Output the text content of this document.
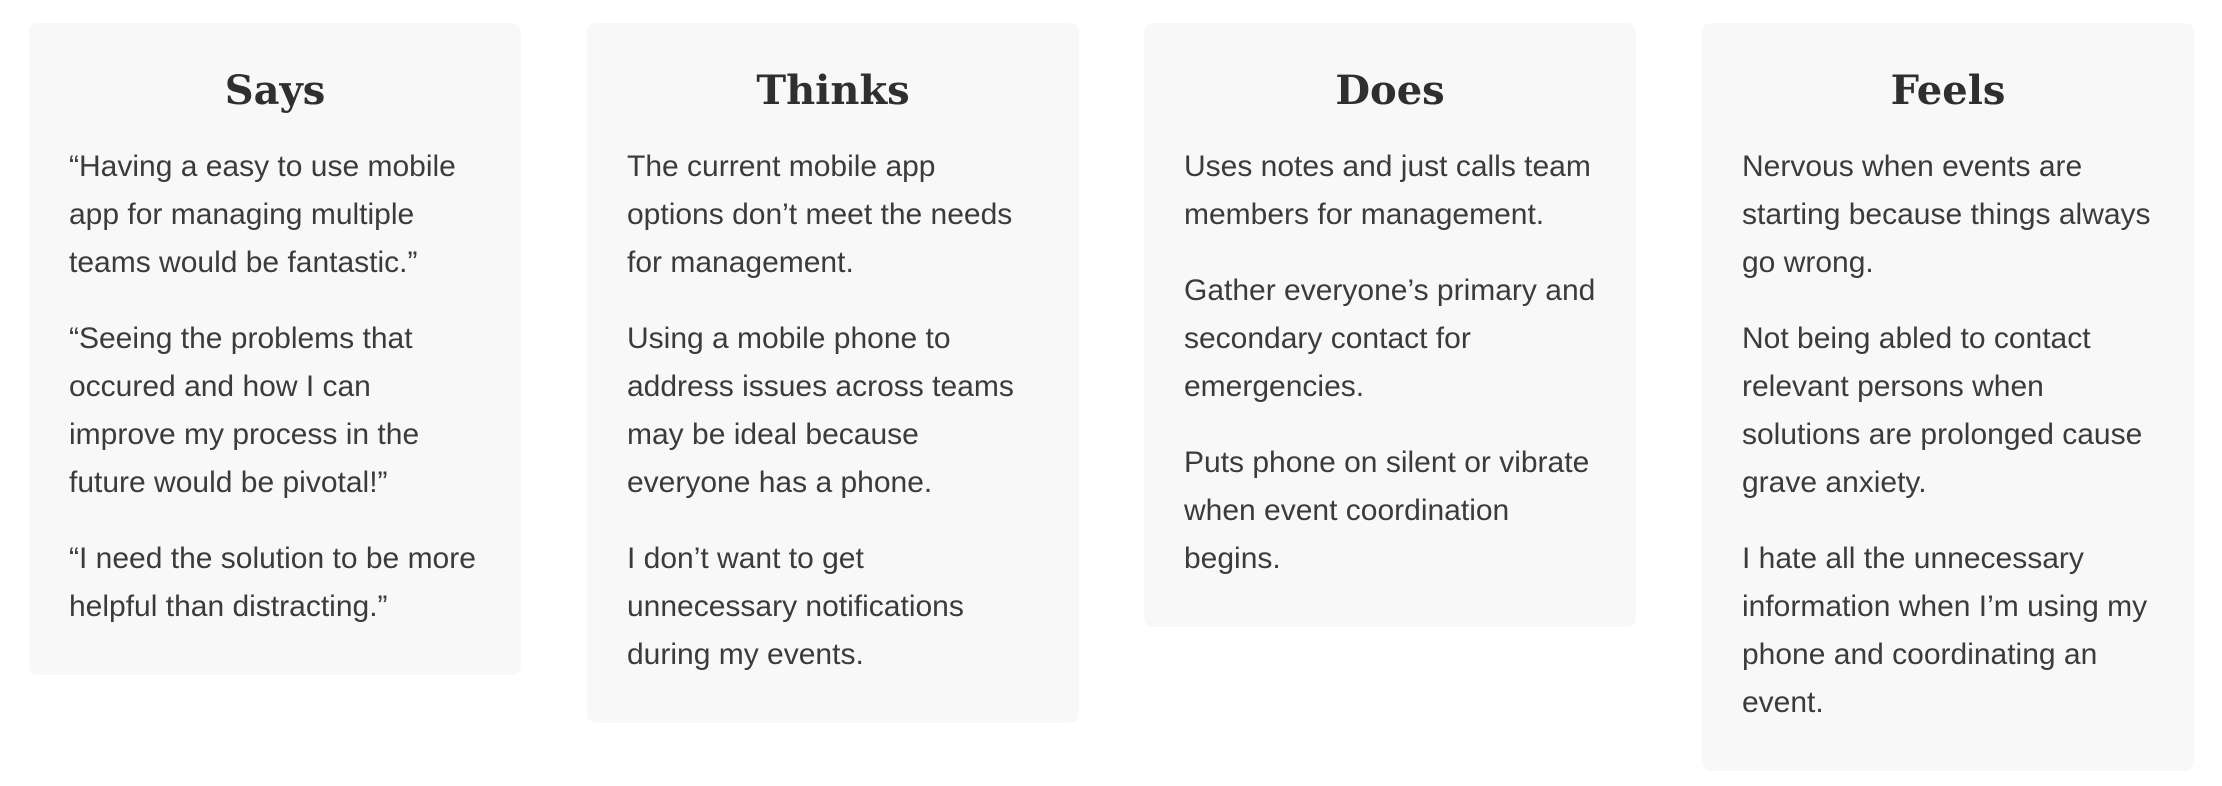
Says

“Having a easy to use mobile app for managing multiple teams would be fantastic.”

“Seeing the problems that occured and how I can improve my process in the future would be pivotal!”

“I need the solution to be more helpful than distracting.”

Thinks

The current mobile app options don’t meet the needs for management.

Using a mobile phone to address issues across teams may be ideal because everyone has a phone.

I don’t want to get unnecessary notifications during my events.

Does

Uses notes and just calls team members for management.

Gather everyone’s primary and secondary contact for emergencies.

Puts phone on silent or vibrate when event coordination begins.

Feels

Nervous when events are starting because things always go wrong.

Not being abled to contact relevant persons when solutions are prolonged cause grave anxiety.

I hate all the unnecessary information when I’m using my phone and coordinating an event.
